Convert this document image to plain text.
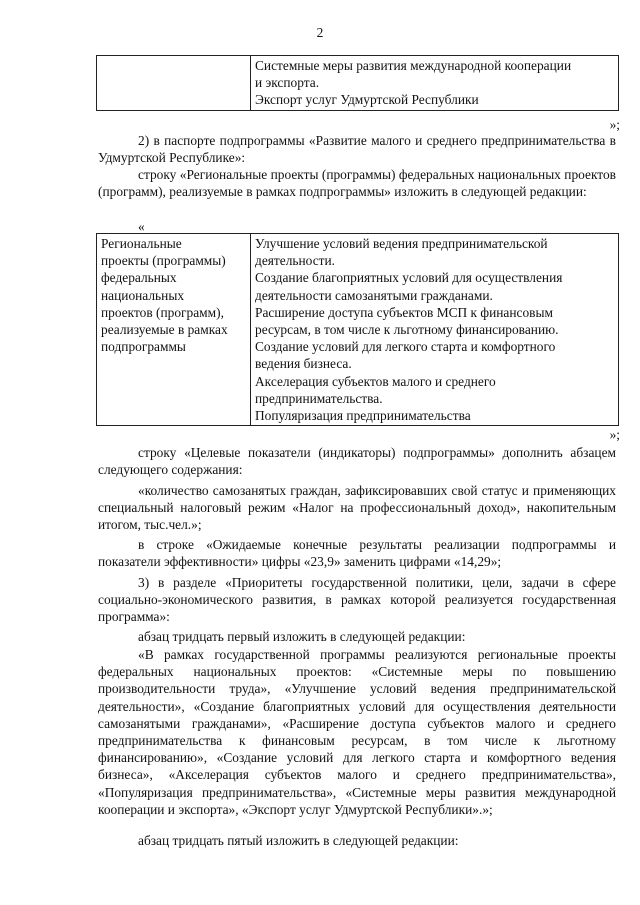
2

Системные меры развития международной кооперации
и экспорта.
Экспорт услуг Удмуртской Республики
»;
2) в паспорте подпрограммы «Развитие малого и среднего предпринимательства в Удмуртской Республике»:
строку «Региональные проекты (программы) федеральных национальных проектов (программ), реализуемые в рамках подпрограммы» изложить в следующей редакции:
«
Региональные
проекты (программы)
федеральных
национальных
проектов (программ),
реализуемые в рамках
подпрограммы

Улучшение условий ведения предпринимательской
деятельности.
Создание благоприятных условий для осуществления
деятельности самозанятыми гражданами.
Расширение доступа субъектов МСП к финансовым
ресурсам, в том числе к льготному финансированию.
Создание условий для легкого старта и комфортного
ведения бизнеса.
Акселерация субъектов малого и среднего
предпринимательства.
Популяризация предпринимательства
»;
строку «Целевые показатели (индикаторы) подпрограммы» дополнить абзацем следующего содержания:
«количество самозанятых граждан, зафиксировавших свой статус и применяющих специальный налоговый режим «Налог на профессиональный доход», накопительным итогом, тыс.чел.»;
в строке «Ожидаемые конечные результаты реализации подпрограммы и показатели эффективности» цифры «23,9» заменить цифрами «14,29»;
3) в разделе «Приоритеты государственной политики, цели, задачи в сфере социально-экономического развития, в рамках которой реализуется государственная программа»:
абзац тридцать первый изложить в следующей редакции:
«В рамках государственной программы реализуются региональные проекты федеральных национальных проектов: «Системные меры по повышению производительности труда», «Улучшение условий ведения предпринимательской деятельности», «Создание благоприятных условий для осуществления деятельности самозанятыми гражданами», «Расширение доступа субъектов малого и среднего предпринимательства к финансовым ресурсам, в том числе к льготному финансированию», «Создание условий для легкого старта и комфортного ведения бизнеса», «Акселерация субъектов малого и среднего предпринимательства», «Популяризация предпринимательства», «Системные меры развития международной кооперации и экспорта», «Экспорт услуг Удмуртской Республики».»;
абзац тридцать пятый изложить в следующей редакции:
